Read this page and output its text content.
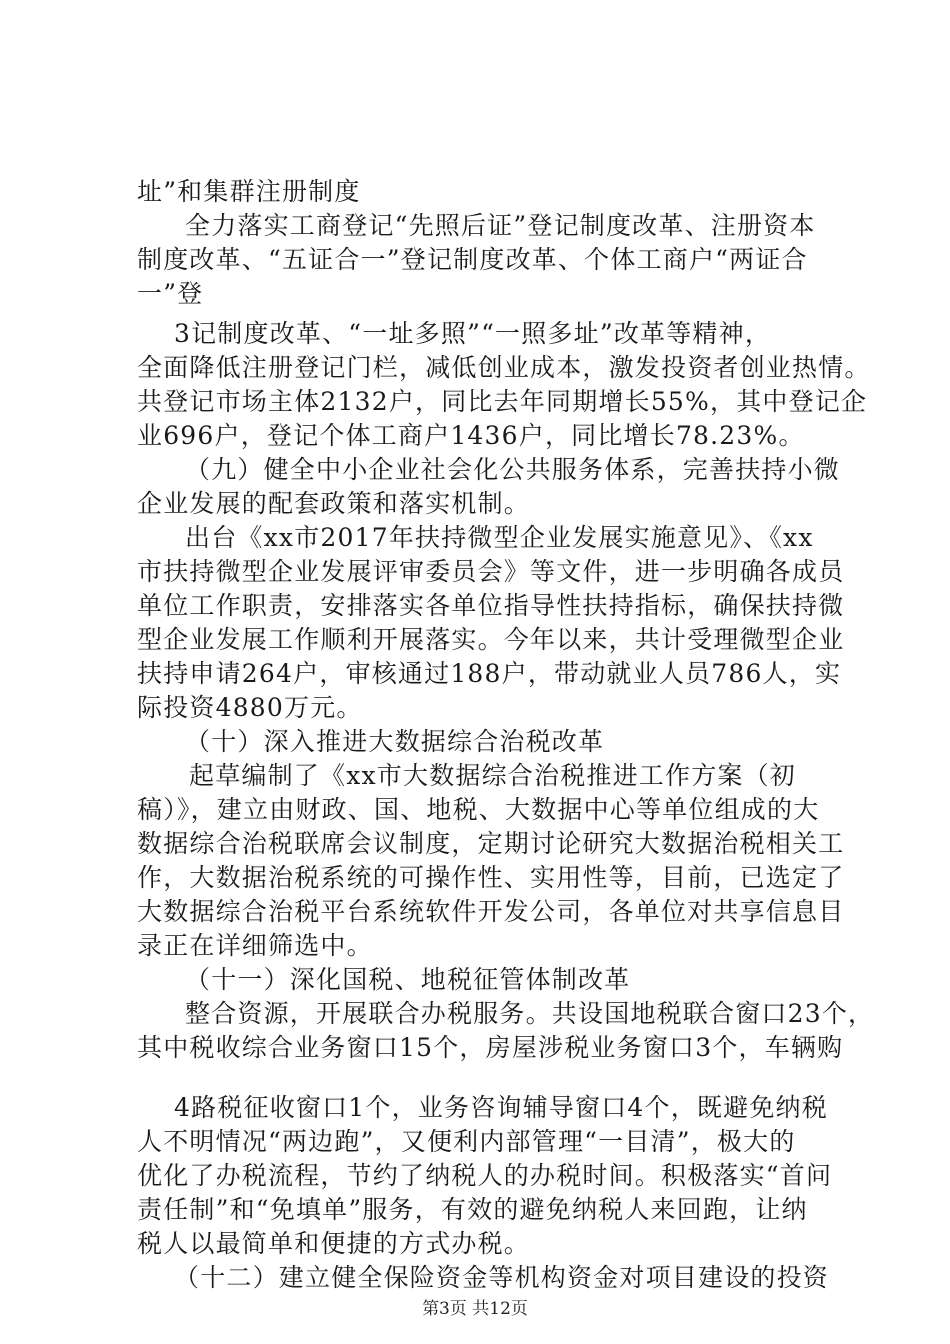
址”和集群注册制度
全力落实工商登记“先照后证”登记制度改革、注册资本
制度改革、“五证合一”登记制度改革、个体工商户“两证合
一”登
3记制度改革、“一址多照”“一照多址”改革等精神，
全面降低注册登记门栏，减低创业成本，激发投资者创业热情。
共登记市场主体2132户，同比去年同期增长55%，其中登记企
业696户，登记个体工商户1436户，同比增长78.23%。
（九）健全中小企业社会化公共服务体系，完善扶持小微
企业发展的配套政策和落实机制。
出台《xx市2017年扶持微型企业发展实施意见》、《xx
市扶持微型企业发展评审委员会》等文件，进一步明确各成员
单位工作职责，安排落实各单位指导性扶持指标，确保扶持微
型企业发展工作顺利开展落实。今年以来，共计受理微型企业
扶持申请264户，审核通过188户，带动就业人员786人，实
际投资4880万元。
（十）深入推进大数据综合治税改革
起草编制了《xx市大数据综合治税推进工作方案（初
稿）》，建立由财政、国、地税、大数据中心等单位组成的大
数据综合治税联席会议制度，定期讨论研究大数据治税相关工
作，大数据治税系统的可操作性、实用性等，目前，已选定了
大数据综合治税平台系统软件开发公司，各单位对共享信息目
录正在详细筛选中。
（十一）深化国税、地税征管体制改革
整合资源，开展联合办税服务。共设国地税联合窗口23个，
其中税收综合业务窗口15个，房屋涉税业务窗口3个，车辆购
4路税征收窗口1个，业务咨询辅导窗口4个，既避免纳税
人不明情况“两边跑”，又便利内部管理“一目清”，极大的
优化了办税流程，节约了纳税人的办税时间。积极落实“首问
责任制”和“免填单”服务，有效的避免纳税人来回跑，让纳
税人以最简单和便捷的方式办税。
（十二）建立健全保险资金等机构资金对项目建设的投资
第3页 共12页
